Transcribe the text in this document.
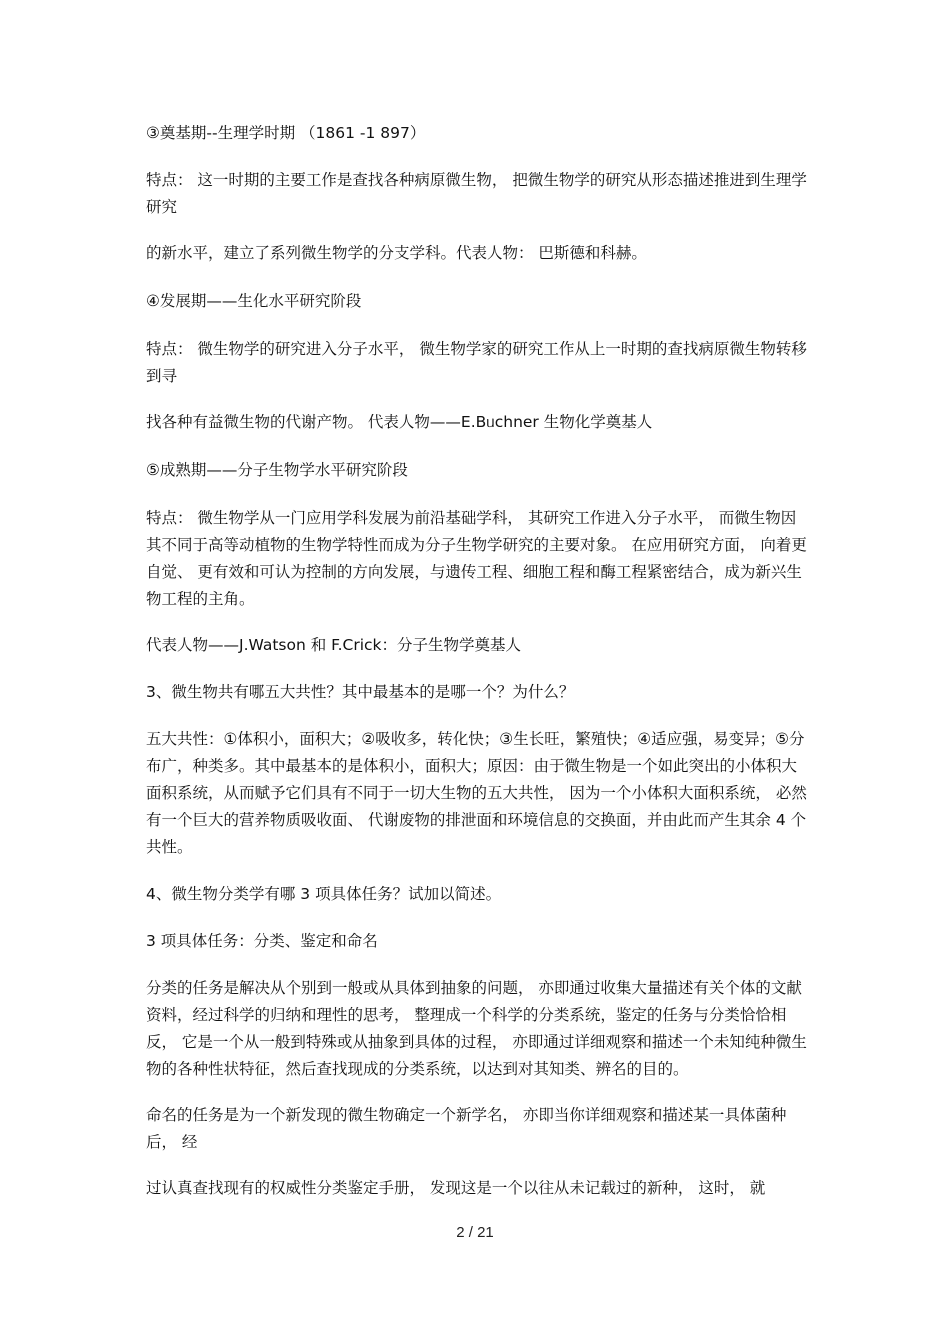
③奠基期--生理学时期 （1861 -1 897）

特点： 这一时期的主要工作是查找各种病原微生物， 把微生物学的研究从形态描述推进到生理学研究

的新水平，建立了系列微生物学的分支学科。代表人物： 巴斯德和科赫。

④发展期——生化水平研究阶段

特点： 微生物学的研究进入分子水平， 微生物学家的研究工作从上一时期的查找病原微生物转移到寻

找各种有益微生物的代谢产物。 代表人物——E.Bᥙchner 生物化学奠基人

⑤成熟期——分子生物学水平研究阶段

特点： 微生物学从一门应用学科发展为前沿基础学科， 其研究工作进入分子水平， 而微生物因其不同于高等动植物的生物学特性而成为分子生物学研究的主要对象。 在应用研究方面， 向着更自觉、 更有效和可认为控制的方向发展，与遗传工程、细胞工程和酶工程紧密结合，成为新兴生物工程的主角。

代表人物——J.Watson 和 F.Crick：分子生物学奠基人

3、微生物共有哪五大共性？其中最基本的是哪一个？为什么？

五大共性：①体积小，面积大；②吸收多，转化快；③生长旺，繁殖快；④适应强，易变异；⑤分布广，种类多。其中最基本的是体积小，面积大；原因：由于微生物是一个如此突出的小体积大面积系统，从而赋予它们具有不同于一切大生物的五大共性， 因为一个小体积大面积系统， 必然有一个巨大的营养物质吸收面、 代谢废物的排泄面和环境信息的交换面，并由此而产生其余 4 个共性。

4、微生物分类学有哪 3 项具体任务？试加以简述。

3 项具体任务：分类、鉴定和命名

分类的任务是解决从个别到一般或从具体到抽象的问题， 亦即通过收集大量描述有关个体的文献资料，经过科学的归纳和理性的思考， 整理成一个科学的分类系统，鉴定的任务与分类恰恰相反， 它是一个从一般到特殊或从抽象到具体的过程， 亦即通过详细观察和描述一个未知纯种微生物的各种性状特征，然后查找现成的分类系统，以达到对其知类、辨名的目的。

命名的任务是为一个新发现的微生物确定一个新学名， 亦即当你详细观察和描述某一具体菌种后， 经

过认真查找现有的权威性分类鉴定手册， 发现这是一个以往从未记载过的新种， 这时， 就

2 / 21
